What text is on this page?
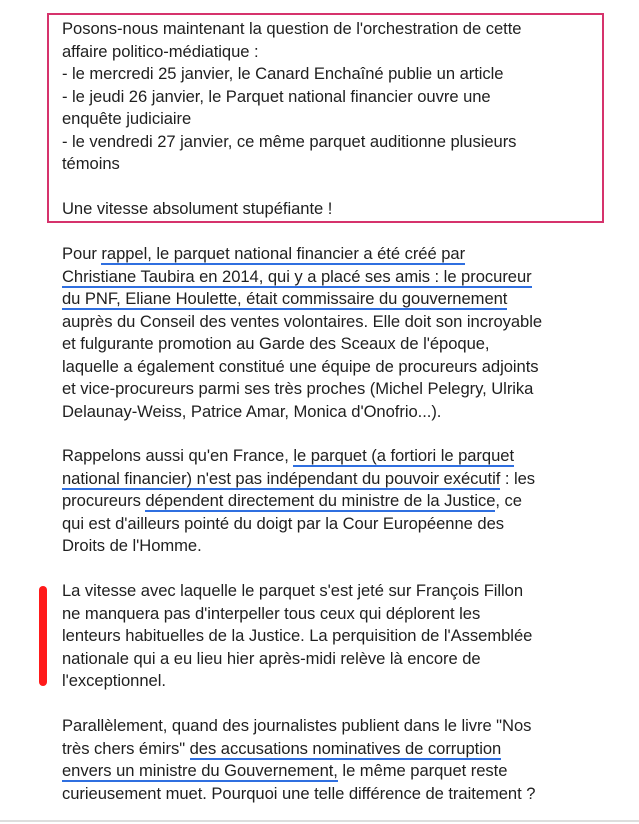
Posons-nous maintenant la question de l'orchestration de cette
affaire politico-médiatique :
- le mercredi 25 janvier, le Canard Enchaîné publie un article
- le jeudi 26 janvier, le Parquet national financier ouvre une
enquête judiciaire
- le vendredi 27 janvier, ce même parquet auditionne plusieurs
témoins

Une vitesse absolument stupéfiante !
Pour rappel, le parquet national financier a été créé par
Christiane Taubira en 2014, qui y a placé ses amis : le procureur
du PNF, Eliane Houlette, était commissaire du gouvernement
auprès du Conseil des ventes volontaires. Elle doit son incroyable
et fulgurante promotion au Garde des Sceaux de l'époque,
laquelle a également constitué une équipe de procureurs adjoints
et vice-procureurs parmi ses très proches (Michel Pelegry, Ulrika
Delaunay-Weiss, Patrice Amar, Monica d'Onofrio...).
Rappelons aussi qu'en France, le parquet (a fortiori le parquet
national financier) n'est pas indépendant du pouvoir exécutif : les
procureurs dépendent directement du ministre de la Justice, ce
qui est d'ailleurs pointé du doigt par la Cour Européenne des
Droits de l'Homme.
La vitesse avec laquelle le parquet s'est jeté sur François Fillon
ne manquera pas d'interpeller tous ceux qui déplorent les
lenteurs habituelles de la Justice. La perquisition de l'Assemblée
nationale qui a eu lieu hier après-midi relève là encore de
l'exceptionnel.
Parallèlement, quand des journalistes publient dans le livre "Nos
très chers émirs" des accusations nominatives de corruption
envers un ministre du Gouvernement, le même parquet reste
curieusement muet. Pourquoi une telle différence de traitement ?
